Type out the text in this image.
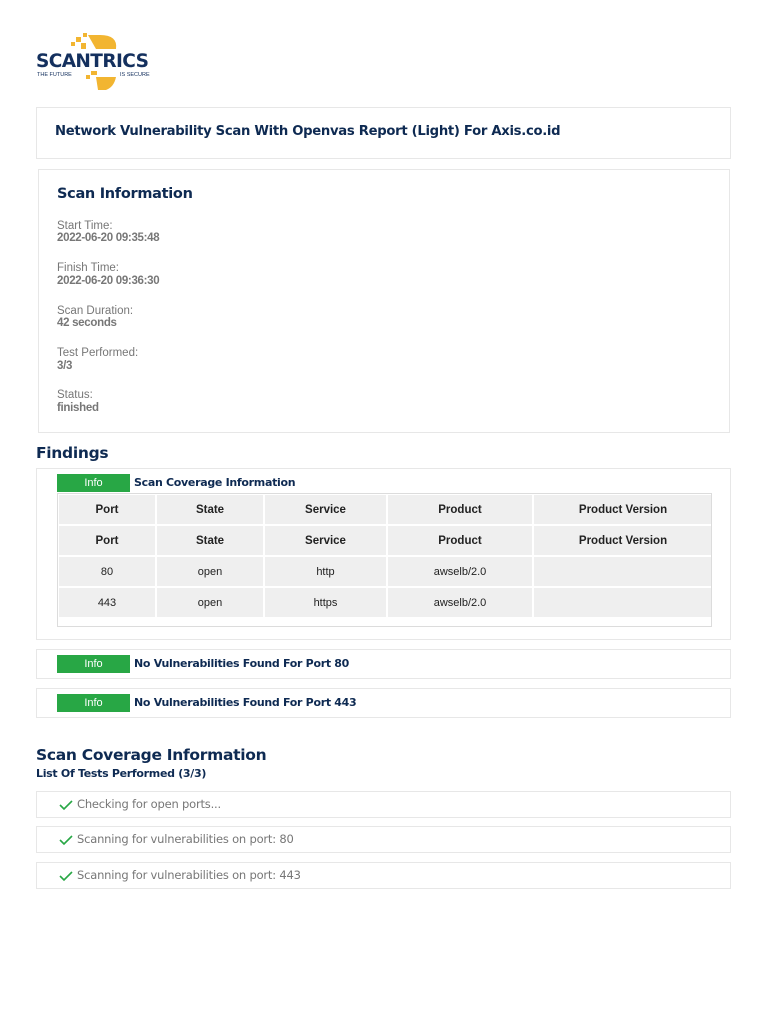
SCANTRICS
THE FUTURE	IS SECURE
Network Vulnerability Scan With Openvas Report (Light) For Axis.co.id
Scan Information
Start Time:
2022-06-20 09:35:48
Finish Time:
2022-06-20 09:36:30
Scan Duration:
42 seconds
Test Performed:
3/3
Status:
finished
Findings
Info	Scan Coverage Information
Port	State	Service	Product	Product Version
Port	State	Service	Product	Product Version
80	open	http	awselb/2.0	
443	open	https	awselb/2.0	
Info	No Vulnerabilities Found For Port 80
Info	No Vulnerabilities Found For Port 443
Scan Coverage Information
List Of Tests Performed (3/3)
Checking for open ports...
Scanning for vulnerabilities on port: 80
Scanning for vulnerabilities on port: 443
